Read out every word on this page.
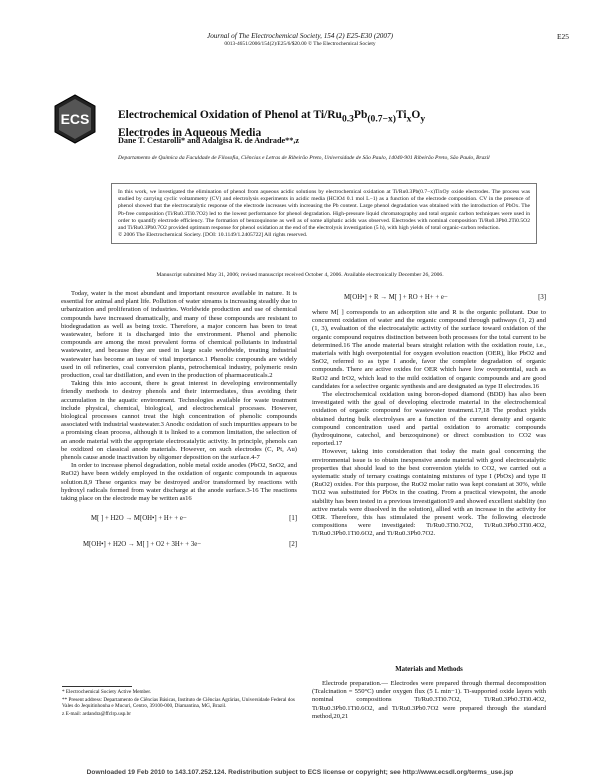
Journal of The Electrochemical Society, 154 (2) E25-E30 (2007)
0013-4651/2006/154(2)/E25/6/$20.00 © The Electrochemical Society
E25
ECS Electrochemical Oxidation of Phenol at $Ti/Ru_{0.3}Pb_{(0.7-x)}Ti_xO_y$
Electrodes in Aqueous Media
Dane T. Cestarolli* and Adalgisa R. de Andrade**,z
Departamento de Química da Faculdade de Filosofia, Ciências e Letras de Ribeirão Preto, Universidade de São Paulo, 14040-901 Ribeirão Preto, São Paulo, Brazil

In this work, we investigated the elimination of phenol from aqueous acidic solutions by electrochemical oxidation at Ti/Ru0.3Pb(0.7−x)TixOy oxide electrodes. The process was studied by carrying cyclic voltammetry (CV) and electrolysis experiments in acidic media (HClO4 0.1 mol L−1) as a function of the electrode composition. CV in the presence of phenol showed that the electrocatalytic response of the electrode increases with increasing the Pb content. Large phenol degradation was obtained with the introduction of PbOx. The Pb-free composition (Ti/Ru0.3Ti0.7O2) led to the lowest performance for phenol degradation. High-pressure liquid chromatography and total organic carbon techniques were used in order to quantify electrode efficiency. The formation of benzoquinone as well as of some aliphatic acids was observed. Electrodes with nominal composition Ti/Ru0.3Pb0.2Ti0.5O2 and Ti/Ru0.3Pb0.7O2 provided optimum response for phenol oxidation at the end of the electrolysis investigation (5 h), with high yields of total organic-carbon reduction.

© 2006 The Electrochemical Society. [DOI: 10.1149/1.2405722] All rights reserved.

Manuscript submitted May 31, 2006; revised manuscript received October 4, 2006. Available electronically December 26, 2006.

Today, water is the most abundant and important resource available in nature. It is essential for animal and plant life. Pollution of water streams is increasing steadily due to urbanization and proliferation of industries. Worldwide production and use of chemical compounds have increased dramatically, and many of these compounds are resistant to biodegradation as well as being toxic. Therefore, a major concern has been to treat wastewater, before it is discharged into the environment. Phenol and phenolic compounds are among the most prevalent forms of chemical pollutants in industrial wastewater, and because they are used in large scale worldwide, treating industrial wastewater has become an issue of vital importance.1 Phenolic compounds are widely used in oil refineries, coal conversion plants, petrochemical industry, polymeric resin production, coal tar distillation, and even in the production of pharmaceuticals.2

Taking this into account, there is great interest in developing environmentally friendly methods to destroy phenols and their intermediates, thus avoiding their accumulation in the aquatic environment. Technologies available for waste treatment include physical, chemical, biological, and electrochemical processes. However, biological processes cannot treat the high concentration of phenolic compounds associated with industrial wastewater.3 Anodic oxidation of such impurities appears to be a promising clean process, although it is linked to a common limitation, the selection of an anode material with the appropriate electrocatalytic activity. In principle, phenols can be oxidized on classical anode materials. However, on such electrodes (C, Pt, Au) phenols cause anode inactivation by oligomer deposition on the surface.4-7

In order to increase phenol degradation, noble metal oxide anodes (PbO2, SnO2, and RuO2) have been widely employed in the oxidation of organic compounds in aqueous solution.8,9 These organics may be destroyed and/or transformed by reactions with hydroxyl radicals formed from water discharge at the anode surface.3-16 The reactions taking place on the electrode may be written as16

M[ ] + H2O → M[OH•] + H+ + e−	[1]
M[OH•] + H2O → M[ ] + O2 + 3H+ + 3e−	[2]

* Electrochemical Society Active Member.

** Present address: Departamento de Ciências Básicas, Instituto de Ciências Agrárias, Universidade Federal dos Vales do Jequitinhonha e Mucuri, Centro, 39100-000, Diamantina, MG, Brazil.

z E-mail: ardandra@ffclrp.usp.br

M[OH•] + R → M[ ] + RO + H+ + e−	[3]

where M[ ] corresponds to an adsorption site and R is the organic pollutant. Due to concurrent oxidation of water and the organic compound through pathways (1, 2) and (1, 3), evaluation of the electrocatalytic activity of the surface toward oxidation of the organic compound requires distinction between both processes for the total current to be determined.16 The anode material bears straight relation with the oxidation route, i.e., materials with high overpotential for oxygen evolution reaction (OER), like PbO2 and SnO2, referred to as type I anode, favor the complete degradation of organic compounds. There are active oxides for OER which have low overpotential, such as RuO2 and IrO2, which lead to the mild oxidation of organic compounds and are good candidates for a selective organic synthesis and are designated as type II electrodes.16

The electrochemical oxidation using boron-doped diamond (BDD) has also been investigated with the goal of developing electrode material in the electrochemical oxidation of organic compound for wastewater treatment.17,18 The product yields obtained during bulk electrolyses are a function of the current density and organic compound concentration used and partial oxidation to aromatic compounds (hydroquinone, catechol, and benzoquinone) or direct combustion to CO2 was reported.17

However, taking into consideration that today the main goal concerning the environmental issue is to obtain inexpensive anode material with good electrocatalytic properties that should lead to the best conversion yields to CO2, we carried out a systematic study of ternary coatings containing mixtures of type I (PbOx) and type II (RuO2) oxides. For this purpose, the RuO2 molar ratio was kept constant at 30%, while TiO2 was substituted for PbOx in the coating. From a practical viewpoint, the anode stability has been tested in a previous investigation19 and showed excellent stability (no active metals were dissolved in the solution), allied with an increase in the activity for OER. Therefore, this has stimulated the present work. The following electrode compositions were investigated: Ti/Ru0.3Ti0.7O2, Ti/Ru0.3Pb0.3Ti0.4O2, Ti/Ru0.3Pb0.1Ti0.6O2, and Ti/Ru0.3Pb0.7O2.

Materials and Methods

Electrode preparation.— Electrodes were prepared through thermal decomposition (Tcalcination = 550°C) under oxygen flux (5 L min−1). Ti-supported oxide layers with nominal compositions Ti/Ru0.3Ti0.7O2, Ti/Ru0.3Pb0.3Ti0.4O2, Ti/Ru0.3Pb0.1Ti0.6O2, and Ti/Ru0.3Pb0.7O2 were prepared through the standard method,20,21

Downloaded 19 Feb 2010 to 143.107.252.124. Redistribution subject to ECS license or copyright; see http://www.ecsdl.org/terms_use.jsp
